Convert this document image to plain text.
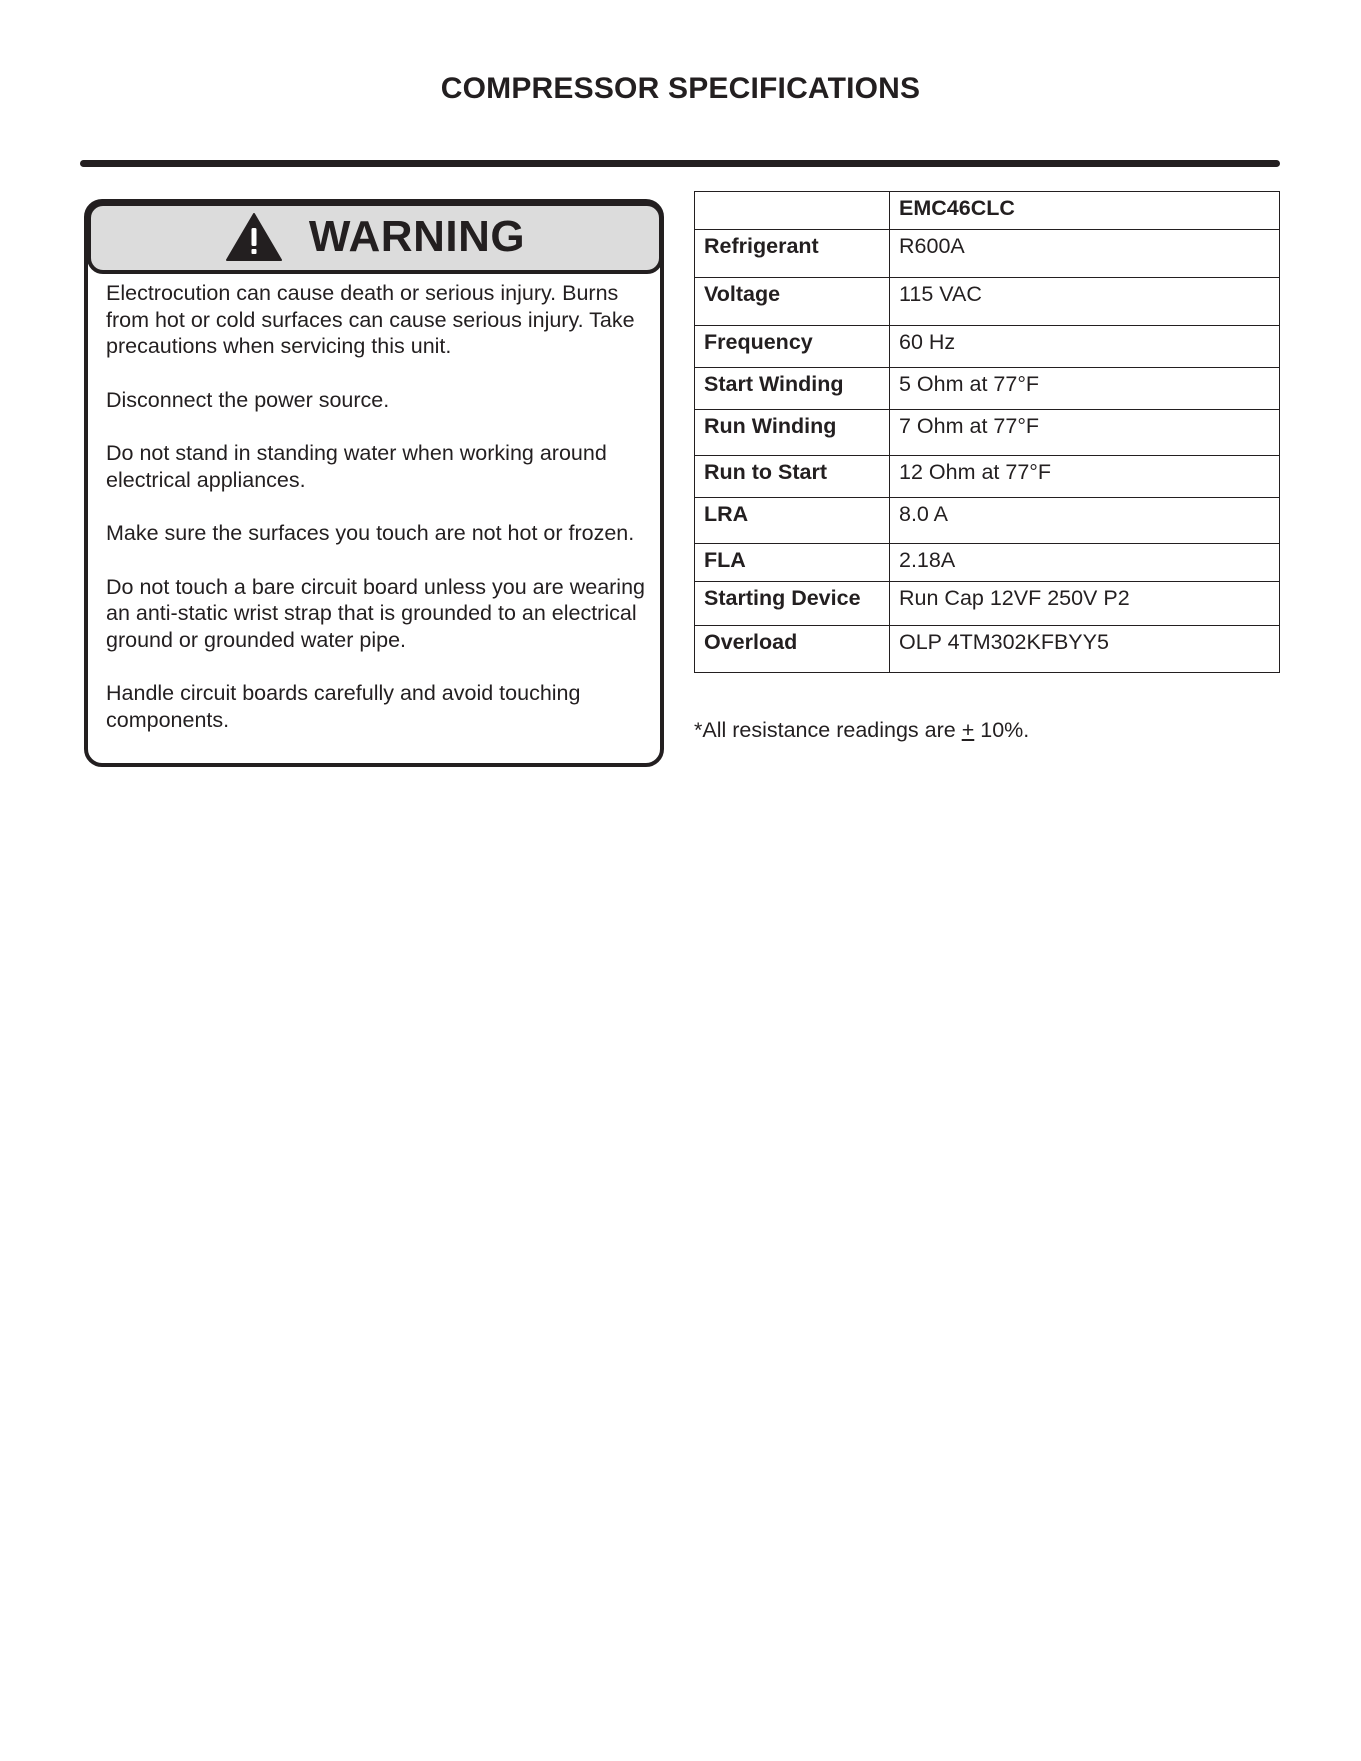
COMPRESSOR SPECIFICATIONS
WARNING

Electrocution can cause death or serious injury. Burns from hot or cold surfaces can cause serious injury. Take precautions when servicing this unit.

Disconnect the power source.

Do not stand in standing water when working around electrical appliances.

Make sure the surfaces you touch are not hot or frozen.

Do not touch a bare circuit board unless you are wearing an anti-static wrist strap that is grounded to an electrical ground or grounded water pipe.

Handle circuit boards carefully and avoid touching components.

	EMC46CLC
Refrigerant	R600A
Voltage	115 VAC
Frequency	60 Hz
Start Winding	5 Ohm at 77°F
Run Winding	7 Ohm at 77°F
Run to Start	12 Ohm at 77°F
LRA	8.0 A
FLA	2.18A
Starting Device	Run Cap 12VF 250V P2
Overload	OLP 4TM302KFBYY5
*All resistance readings are + 10%.
